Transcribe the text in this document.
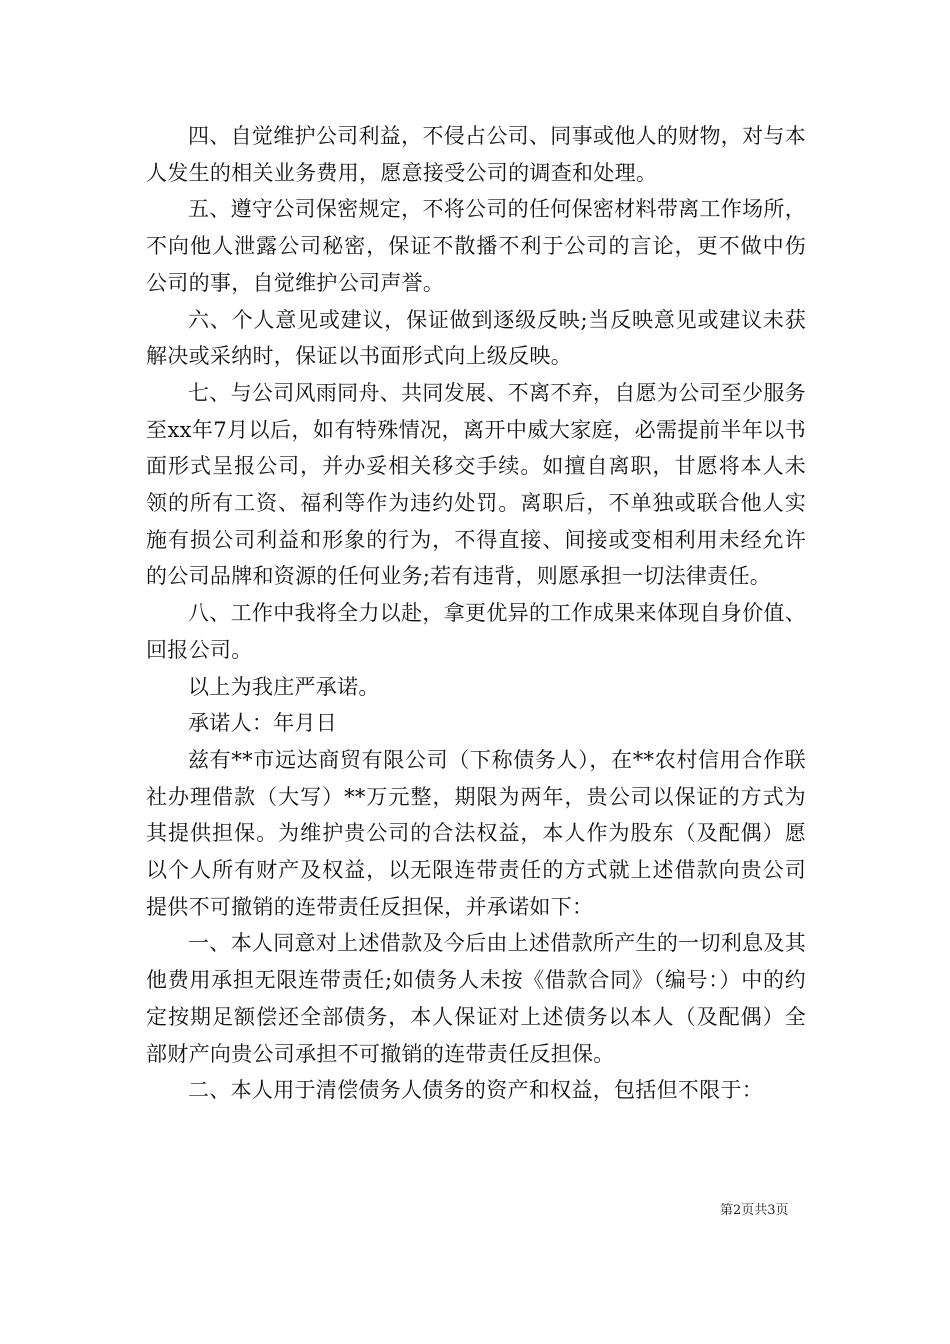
四、自觉维护公司利益，不侵占公司、同事或他人的财物，对与本人发生的相关业务费用，愿意接受公司的调查和处理。

五、遵守公司保密规定，不将公司的任何保密材料带离工作场所，不向他人泄露公司秘密，保证不散播不利于公司的言论，更不做中伤公司的事，自觉维护公司声誉。

六、个人意见或建议，保证做到逐级反映;当反映意见或建议未获解决或采纳时，保证以书面形式向上级反映。

七、与公司风雨同舟、共同发展、不离不弃，自愿为公司至少服务至xx年7月以后，如有特殊情况，离开中威大家庭，必需提前半年以书面形式呈报公司，并办妥相关移交手续。如擅自离职，甘愿将本人未领的所有工资、福利等作为违约处罚。离职后，不单独或联合他人实施有损公司利益和形象的行为，不得直接、间接或变相利用未经允许的公司品牌和资源的任何业务;若有违背，则愿承担一切法律责任。

八、工作中我将全力以赴，拿更优异的工作成果来体现自身价值、回报公司。

以上为我庄严承诺。

承诺人：年月日

兹有**市远达商贸有限公司（下称债务人），在**农村信用合作联社办理借款（大写）**万元整，期限为两年，贵公司以保证的方式为其提供担保。为维护贵公司的合法权益，本人作为股东（及配偶）愿以个人所有财产及权益，以无限连带责任的方式就上述借款向贵公司提供不可撤销的连带责任反担保，并承诺如下：

一、本人同意对上述借款及今后由上述借款所产生的一切利息及其他费用承担无限连带责任;如债务人未按《借款合同》（编号：）中的约定按期足额偿还全部债务，本人保证对上述债务以本人（及配偶）全部财产向贵公司承担不可撤销的连带责任反担保。

二、本人用于清偿债务人债务的资产和权益，包括但不限于：

第2页共3页
